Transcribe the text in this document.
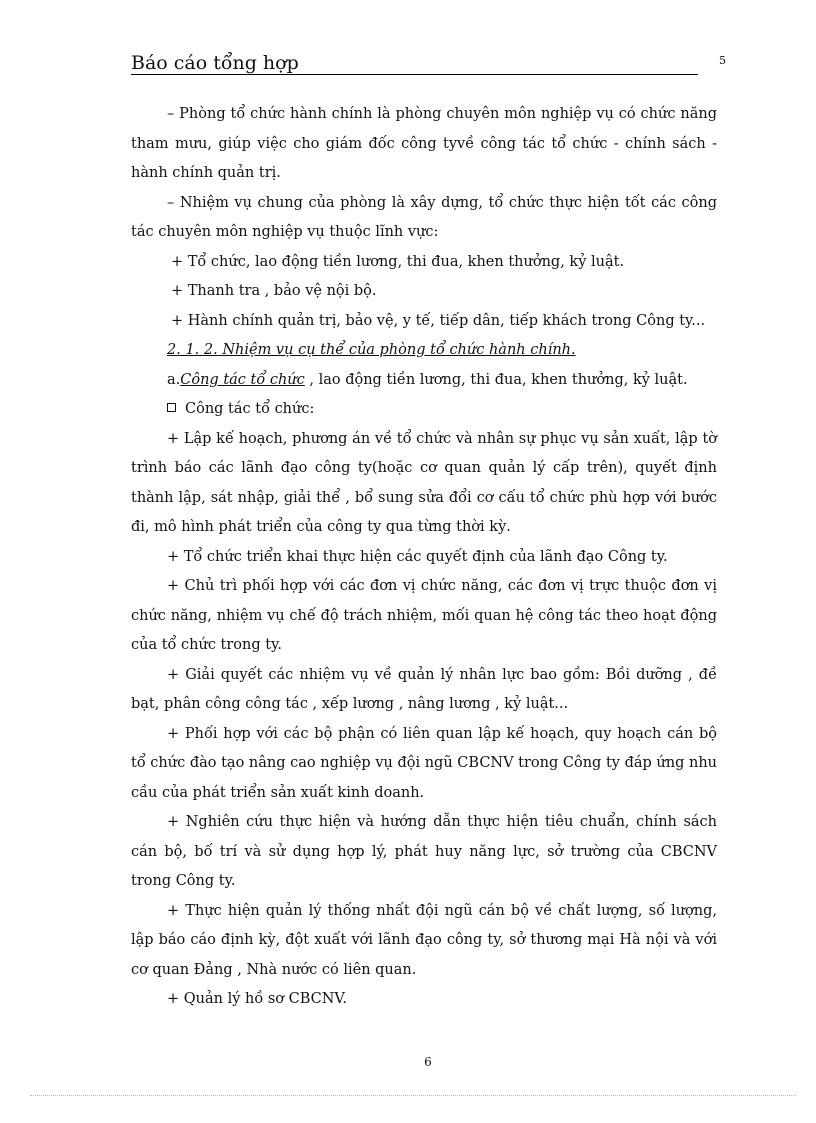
Báo cáo tổng hợp	5

– Phòng tổ chức hành chính là phòng chuyên môn nghiệp vụ có chức năng tham mưu, giúp việc cho giám đốc công tyvề công tác tổ chức - chính sách - hành chính quản trị.

– Nhiệm vụ chung của phòng là xây dựng, tổ chức thực hiện tốt các công tác chuyên môn nghiệp vụ thuộc lĩnh vực:

+ Tổ chức, lao động tiền lương, thi đua, khen thưởng, kỷ luật.

+ Thanh tra , bảo vệ nội bộ.

+ Hành chính quản trị, bảo vệ, y tế, tiếp dân, tiếp khách trong Công ty...

2. 1. 2. Nhiệm vụ cụ thể của phòng tổ chức hành chính.

a.Công tác tổ chức , lao động tiền lương, thi đua, khen thưởng, kỷ luật.

Công tác tổ chức:

+ Lập kế hoạch, phương án về tổ chức và nhân sự phục vụ sản xuất, lập tờ trình báo các lãnh đạo công ty(hoặc cơ quan quản lý cấp trên), quyết định thành lập, sát nhập, giải thể , bổ sung sửa đổi cơ cấu tổ chức phù hợp với bước đi, mô hình phát triển của công ty qua từng thời kỳ.

+ Tổ chức triển khai thực hiện các quyết định của lãnh đạo Công ty.

+ Chủ trì phối hợp với các đơn vị chức năng, các đơn vị trực thuộc đơn vị chức năng, nhiệm vụ chế độ trách nhiệm, mối quan hệ công tác theo hoạt động của tổ chức trong ty.

+ Giải quyết các nhiệm vụ về quản lý nhân lực bao gồm: Bồi dưỡng , đề bạt, phân công công tác , xếp lương , nâng lương , kỷ luật...

+ Phối hợp với các bộ phận có liên quan lập kế hoạch, quy hoạch cán bộ tổ chức đào tạo nâng cao nghiệp vụ đội ngũ CBCNV trong Công ty đáp ứng nhu cầu của phát triển sản xuất kinh doanh.

+ Nghiên cứu thực hiện và hướng dẫn thực hiện tiêu chuẩn, chính sách cán bộ, bố trí và sử dụng hợp lý, phát huy năng lực, sở trường của CBCNV trong Công ty.

+ Thực hiện quản lý thống nhất đội ngũ cán bộ về chất lượng, số lượng, lập báo cáo định kỳ, đột xuất với lãnh đạo công ty, sở thương mại Hà nội và với cơ quan Đảng , Nhà nước có liên quan.

+ Quản lý hồ sơ CBCNV.

6
